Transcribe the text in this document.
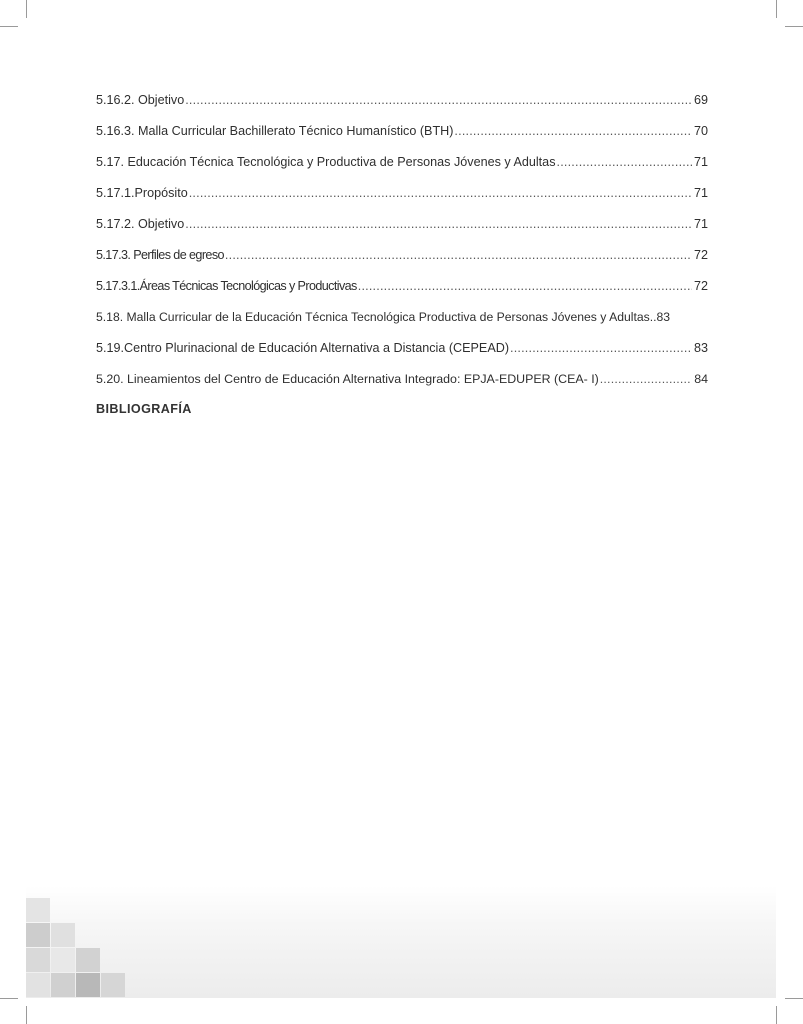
5.16.2. Objetivo .....	69
5.16.3. Malla Curricular Bachillerato Técnico Humanístico (BTH) .....	70
5.17. Educación Técnica Tecnológica y Productiva de Personas Jóvenes y Adultas .....	71
5.17.1.Propósito .....	71
5.17.2. Objetivo .....	71
5.17.3. Perfiles de egreso .....	72
5.17.3.1.Áreas Técnicas Tecnológicas y Productivas .....	72
5.18. Malla Curricular de la Educación Técnica Tecnológica Productiva de Personas Jóvenes y Adultas ..83
5.19.Centro Plurinacional de Educación Alternativa a Distancia (CEPEAD) .....	83
5.20. Lineamientos del Centro de Educación Alternativa Integrado: EPJA-EDUPER (CEA- I) .....	84
BIBLIOGRAFÍA
